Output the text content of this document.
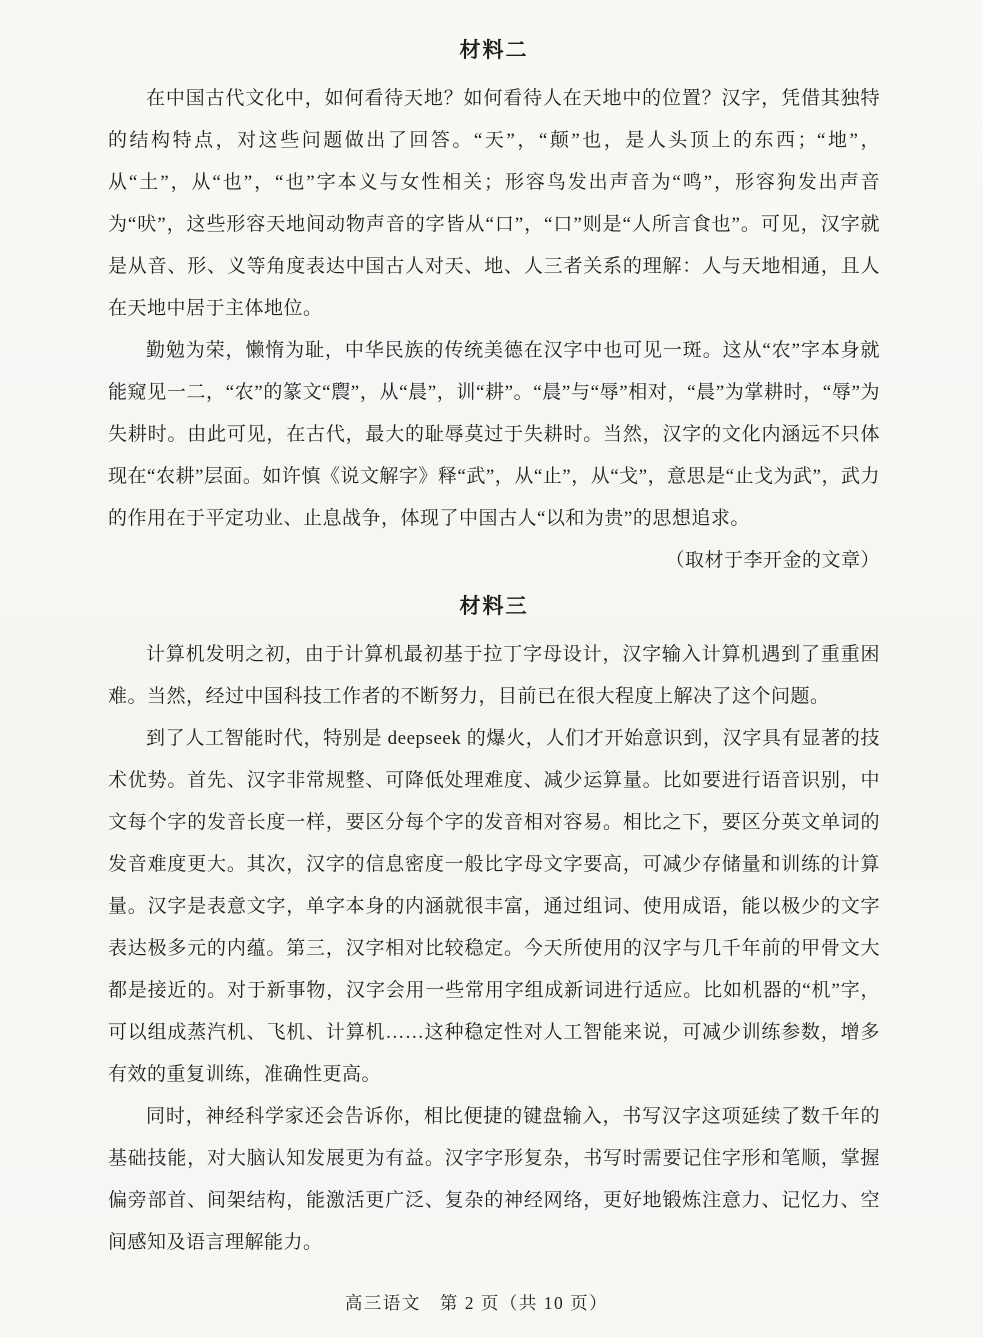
材料二

在中国古代文化中，如何看待天地？如何看待人在天地中的位置？汉字，凭借其独特的结构特点，对这些问题做出了回答。“天”，“颠”也，是人头顶上的东西；“地”，从“土”，从“也”，“也”字本义与女性相关；形容鸟发出声音为“鸣”，形容狗发出声音为“吠”，这些形容天地间动物声音的字皆从“口”，“口”则是“人所言食也”。可见，汉字就是从音、形、义等角度表达中国古人对天、地、人三者关系的理解：人与天地相通，且人在天地中居于主体地位。

勤勉为荣，懒惰为耻，中华民族的传统美德在汉字中也可见一斑。这从“农”字本身就能窥见一二，“农”的篆文“䢉”，从“晨”，训“耕”。“晨”与“辱”相对，“晨”为掌耕时，“辱”为失耕时。由此可见，在古代，最大的耻辱莫过于失耕时。当然，汉字的文化内涵远不只体现在“农耕”层面。如许慎《说文解字》释“武”，从“止”，从“戈”，意思是“止戈为武”，武力的作用在于平定功业、止息战争，体现了中国古人“以和为贵”的思想追求。

（取材于李开金的文章）

材料三

计算机发明之初，由于计算机最初基于拉丁字母设计，汉字输入计算机遇到了重重困难。当然，经过中国科技工作者的不断努力，目前已在很大程度上解决了这个问题。

到了人工智能时代，特别是 deepseek 的爆火，人们才开始意识到，汉字具有显著的技术优势。首先、汉字非常规整、可降低处理难度、减少运算量。比如要进行语音识别，中文每个字的发音长度一样，要区分每个字的发音相对容易。相比之下，要区分英文单词的发音难度更大。其次，汉字的信息密度一般比字母文字要高，可减少存储量和训练的计算量。汉字是表意文字，单字本身的内涵就很丰富，通过组词、使用成语，能以极少的文字表达极多元的内蕴。第三，汉字相对比较稳定。今天所使用的汉字与几千年前的甲骨文大都是接近的。对于新事物，汉字会用一些常用字组成新词进行适应。比如机器的“机”字，可以组成蒸汽机、飞机、计算机……这种稳定性对人工智能来说，可减少训练参数，增多有效的重复训练，准确性更高。

同时，神经科学家还会告诉你，相比便捷的键盘输入，书写汉字这项延续了数千年的基础技能，对大脑认知发展更为有益。汉字字形复杂，书写时需要记住字形和笔顺，掌握偏旁部首、间架结构，能激活更广泛、复杂的神经网络，更好地锻炼注意力、记忆力、空间感知及语言理解能力。

高三语文　第 2 页（共 10 页）
